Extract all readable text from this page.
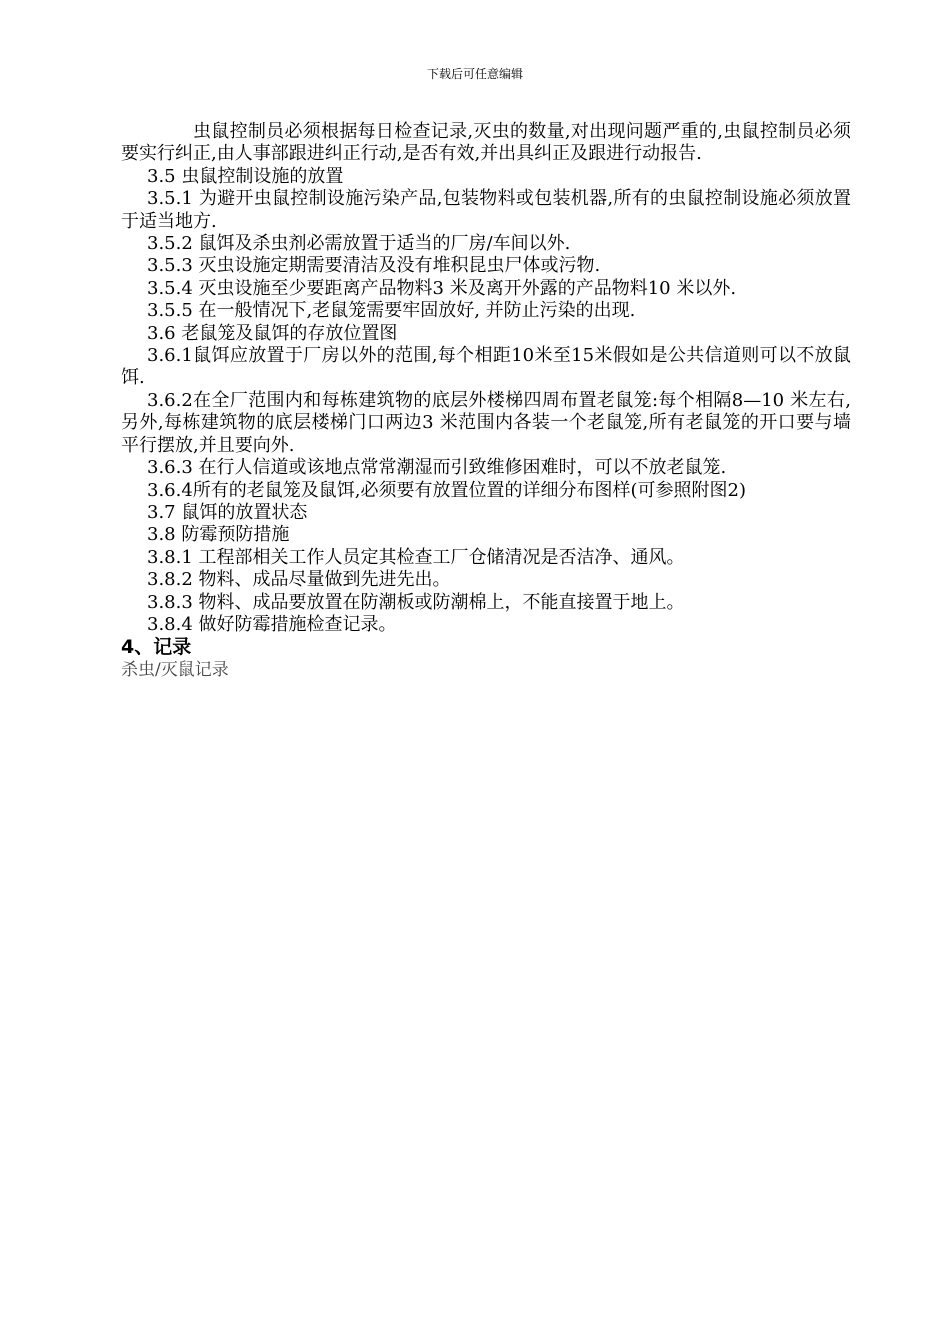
下载后可任意编辑

虫鼠控制员必须根据每日检查记录,灭虫的数量,对出现问题严重的,虫鼠控制员必须要实行纠正,由人事部跟进纠正行动,是否有效,并出具纠正及跟进行动报告.

3.5 虫鼠控制设施的放置

3.5.1 为避开虫鼠控制设施污染产品,包装物料或包装机器,所有的虫鼠控制设施必须放置于适当地方.

3.5.2 鼠饵及杀虫剂必需放置于适当的厂房/车间以外.

3.5.3 灭虫设施定期需要清洁及没有堆积昆虫尸体或污物.

3.5.4 灭虫设施至少要距离产品物料3 米及离开外露的产品物料10 米以外.

3.5.5 在一般情况下,老鼠笼需要牢固放好, 并防止污染的出现.

3.6 老鼠笼及鼠饵的存放位置图

3.6.1鼠饵应放置于厂房以外的范围,每个相距10米至15米假如是公共信道则可以不放鼠饵.

3.6.2在全厂范围内和每栋建筑物的底层外楼梯四周布置老鼠笼:每个相隔8—10 米左右,另外,每栋建筑物的底层楼梯门口两边3 米范围内各装一个老鼠笼,所有老鼠笼的开口要与墙平行摆放,并且要向外.

3.6.3 在行人信道或该地点常常潮湿而引致维修困难时，可以不放老鼠笼.

3.6.4所有的老鼠笼及鼠饵,必须要有放置位置的详细分布图样(可参照附图2)

3.7 鼠饵的放置状态

3.8 防霉预防措施

3.8.1 工程部相关工作人员定其检查工厂仓储清况是否洁净、通风。

3.8.2 物料、成品尽量做到先进先出。

3.8.3 物料、成品要放置在防潮板或防潮棉上，不能直接置于地上。

3.8.4 做好防霉措施检查记录。

4、记录

杀虫/灭鼠记录
